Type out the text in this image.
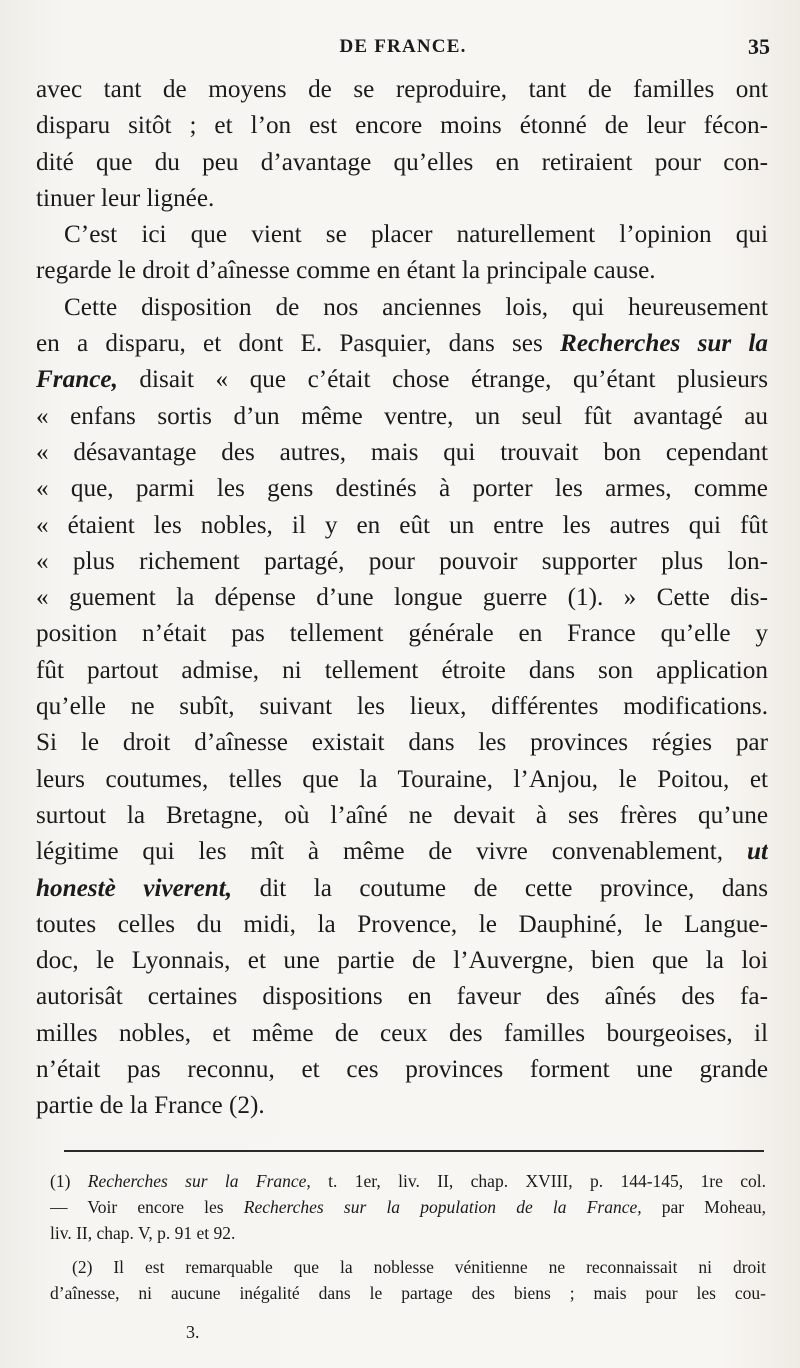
DE FRANCE.	35
avec tant de moyens de se reproduire, tant de familles ont
disparu sitôt ; et l’on est encore moins étonné de leur fécon-
dité que du peu d’avantage qu’elles en retiraient pour con-
tinuer leur lignée.
C’est ici que vient se placer naturellement l’opinion qui
regarde le droit d’aînesse comme en étant la principale cause.
Cette disposition de nos anciennes lois, qui heureusement
en a disparu, et dont E. Pasquier, dans ses Recherches sur la
France, disait « que c’était chose étrange, qu’étant plusieurs
« enfans sortis d’un même ventre, un seul fût avantagé au
« désavantage des autres, mais qui trouvait bon cependant
« que, parmi les gens destinés à porter les armes, comme
« étaient les nobles, il y en eût un entre les autres qui fût
« plus richement partagé, pour pouvoir supporter plus lon-
« guement la dépense d’une longue guerre (1). » Cette dis-
position n’était pas tellement générale en France qu’elle y
fût partout admise, ni tellement étroite dans son application
qu’elle ne subît, suivant les lieux, différentes modifications.
Si le droit d’aînesse existait dans les provinces régies par
leurs coutumes, telles que la Touraine, l’Anjou, le Poitou, et
surtout la Bretagne, où l’aîné ne devait à ses frères qu’une
légitime qui les mît à même de vivre convenablement, ut
honestè viverent, dit la coutume de cette province, dans
toutes celles du midi, la Provence, le Dauphiné, le Langue-
doc, le Lyonnais, et une partie de l’Auvergne, bien que la loi
autorisât certaines dispositions en faveur des aînés des fa-
milles nobles, et même de ceux des familles bourgeoises, il
n’était pas reconnu, et ces provinces forment une grande
partie de la France (2).
(1) Recherches sur la France, t. 1er, liv. II, chap. XVIII, p. 144-145, 1re col.
— Voir encore les Recherches sur la population de la France, par Moheau,
liv. II, chap. V, p. 91 et 92.
(2) Il est remarquable que la noblesse vénitienne ne reconnaissait ni droit
d’aînesse, ni aucune inégalité dans le partage des biens ; mais pour les cou-
3.
